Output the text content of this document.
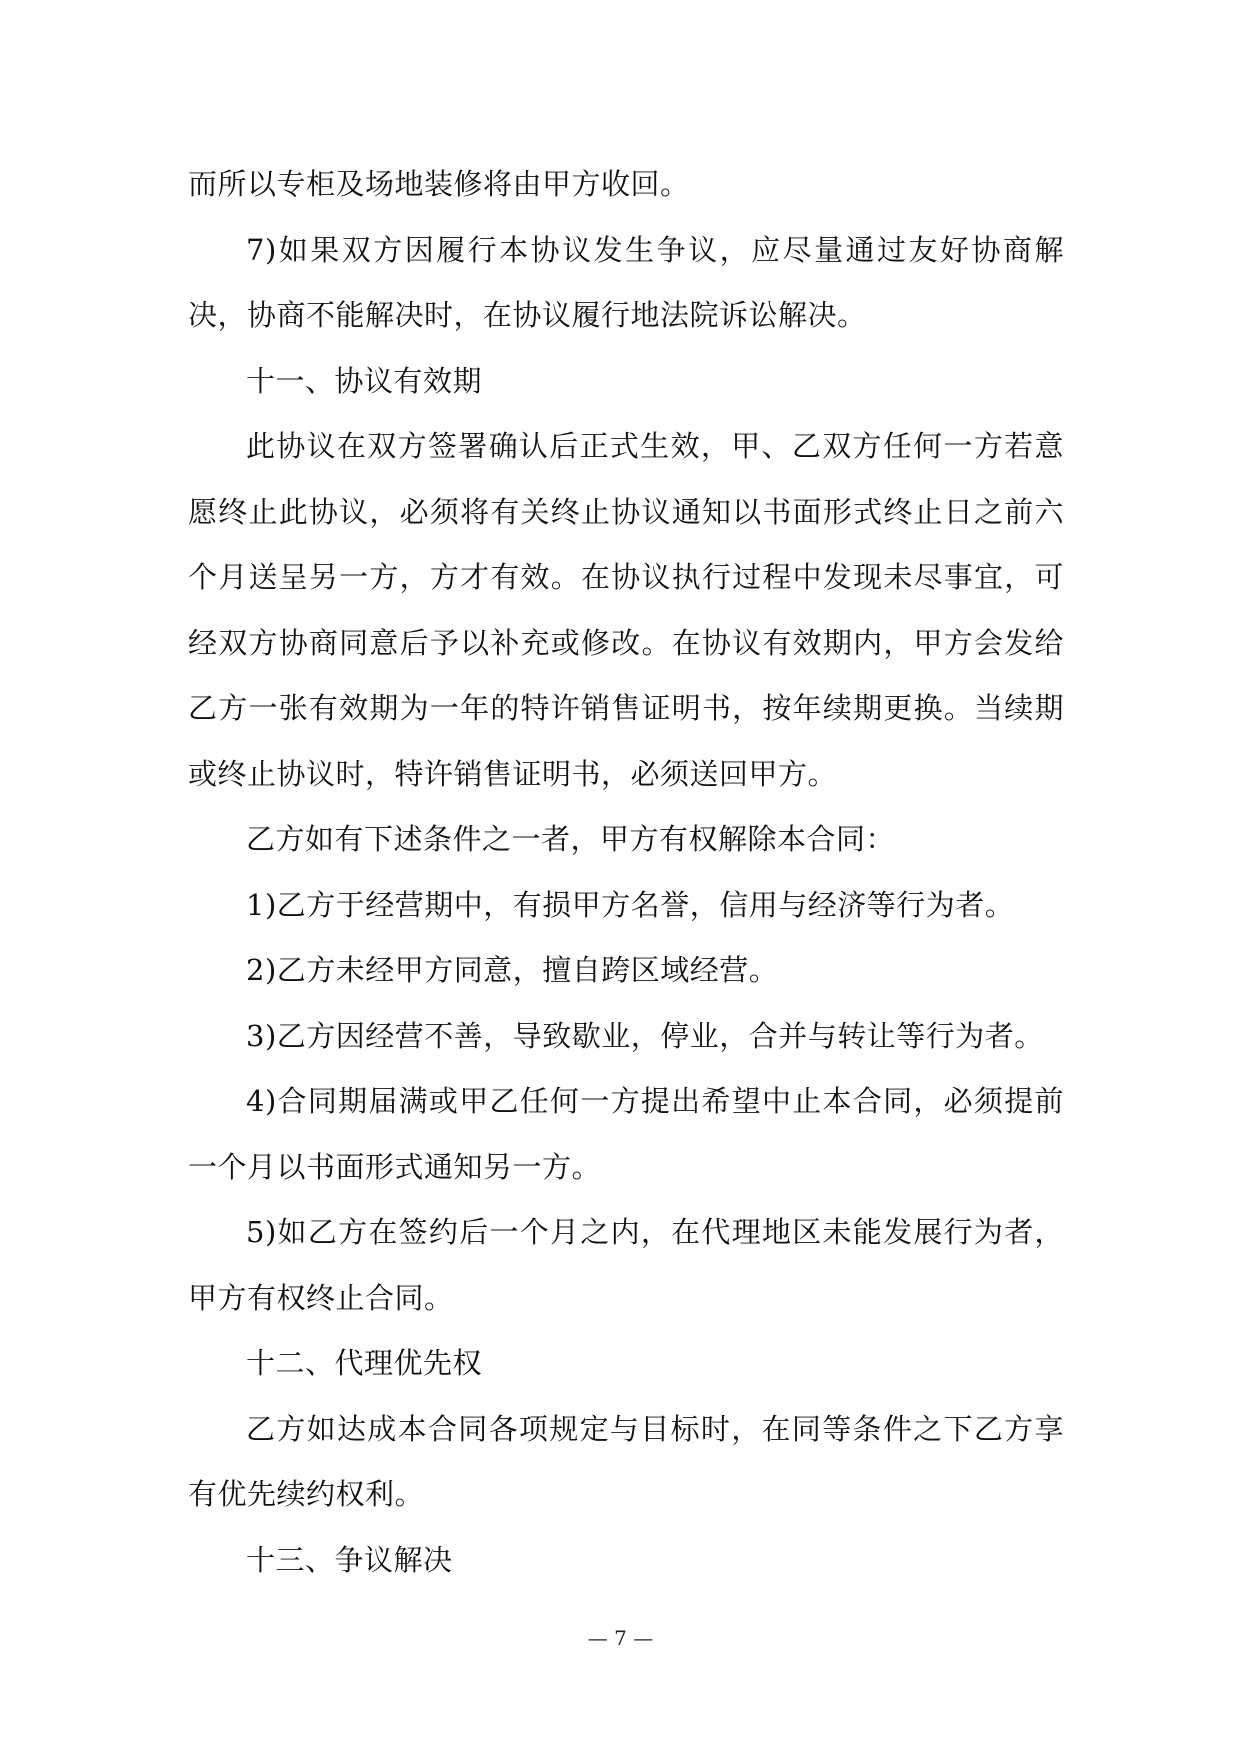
而所以专柜及场地装修将由甲方收回。

7)如果双方因履行本协议发生争议，应尽量通过友好协商解决，协商不能解决时，在协议履行地法院诉讼解决。

十一、协议有效期

此协议在双方签署确认后正式生效，甲、乙双方任何一方若意愿终止此协议，必须将有关终止协议通知以书面形式终止日之前六个月送呈另一方，方才有效。在协议执行过程中发现未尽事宜，可经双方协商同意后予以补充或修改。在协议有效期内，甲方会发给乙方一张有效期为一年的特许销售证明书，按年续期更换。当续期或终止协议时，特许销售证明书，必须送回甲方。

乙方如有下述条件之一者，甲方有权解除本合同：

1)乙方于经营期中，有损甲方名誉，信用与经济等行为者。

2)乙方未经甲方同意，擅自跨区域经营。

3)乙方因经营不善，导致歇业，停业，合并与转让等行为者。

4)合同期届满或甲乙任何一方提出希望中止本合同，必须提前一个月以书面形式通知另一方。

5)如乙方在签约后一个月之内，在代理地区未能发展行为者，甲方有权终止合同。

十二、代理优先权

乙方如达成本合同各项规定与目标时，在同等条件之下乙方享有优先续约权利。

十三、争议解决

— 7 —
